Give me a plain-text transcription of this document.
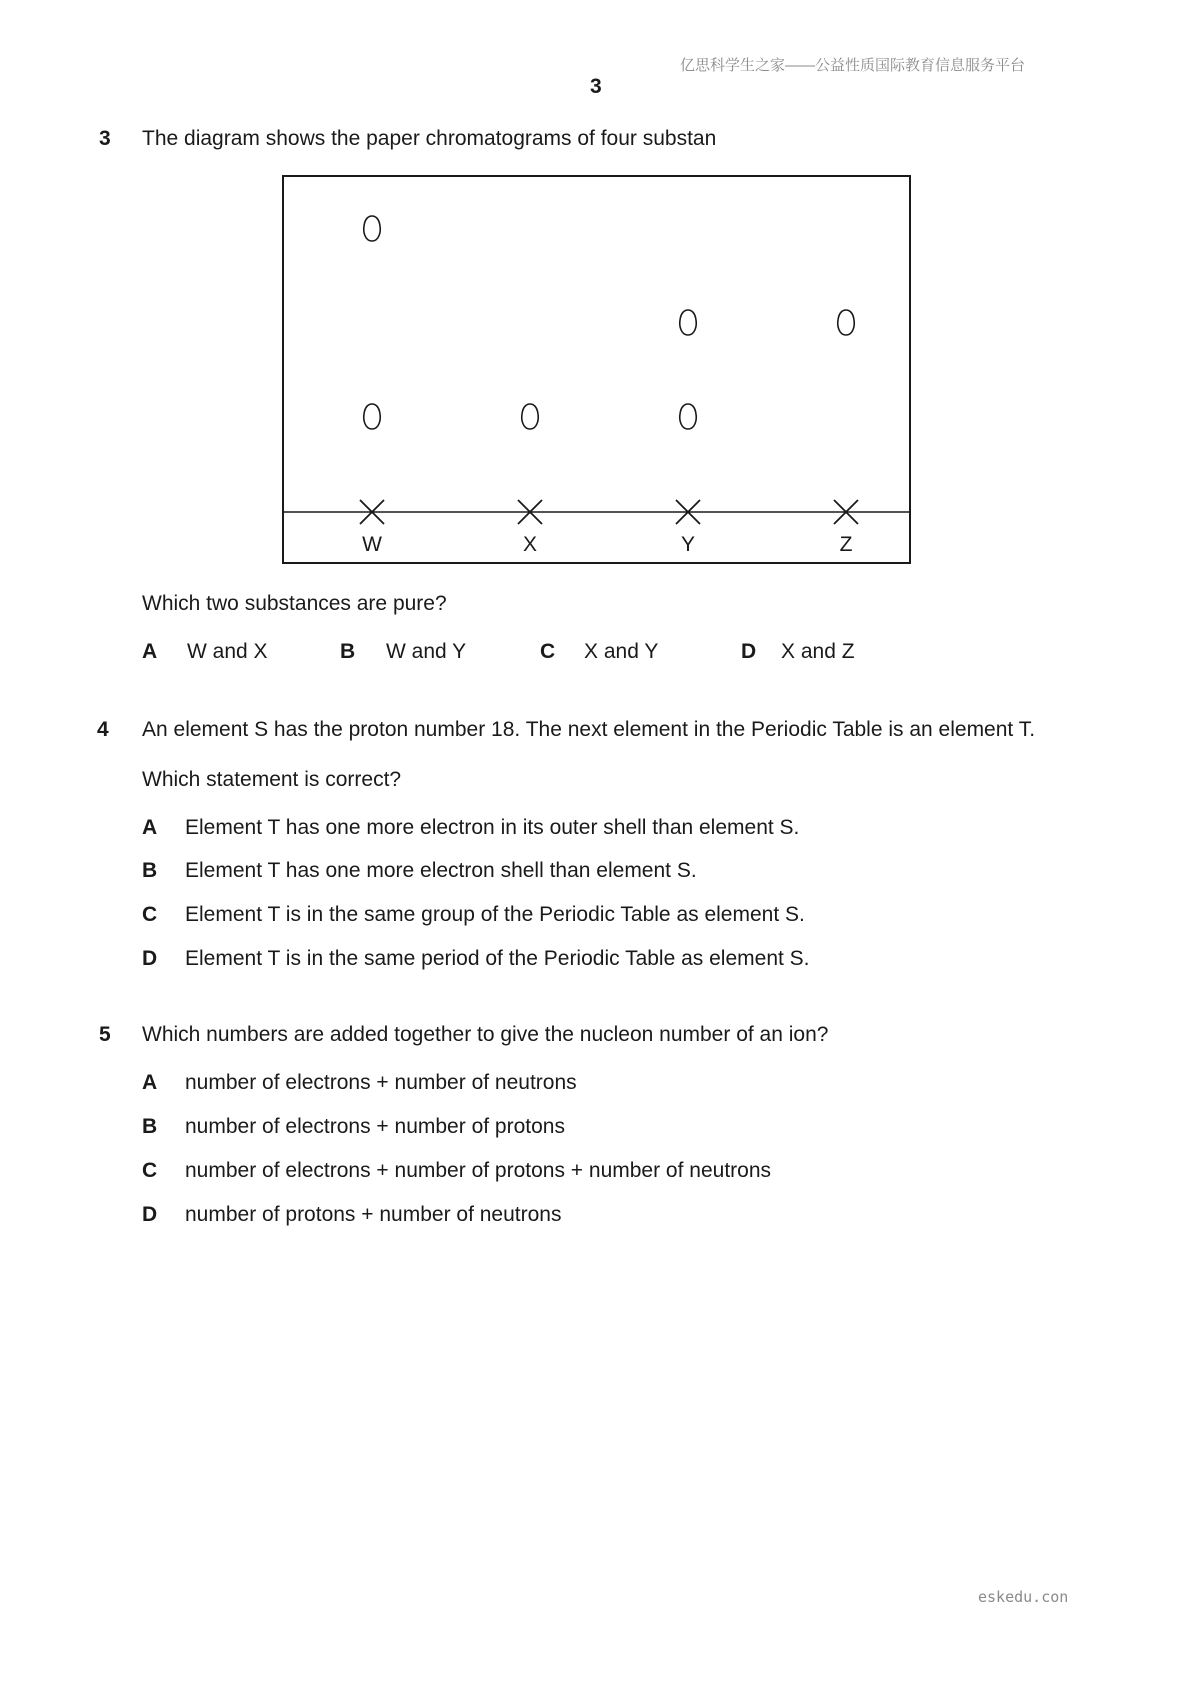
亿思科学生之家——公益性质国际教育信息服务平台
3
3 The diagram shows the paper chromatograms of four substan
W	X	Y	Z
Which two substances are pure?
A W and X	B W and Y	C X and Y	D X and Z
4 An element S has the proton number 18. The next element in the Periodic Table is an element T.
Which statement is correct?
A Element T has one more electron in its outer shell than element S.
B Element T has one more electron shell than element S.
C Element T is in the same group of the Periodic Table as element S.
D Element T is in the same period of the Periodic Table as element S.
5 Which numbers are added together to give the nucleon number of an ion?
A number of electrons + number of neutrons
B number of electrons + number of protons
C number of electrons + number of protons + number of neutrons
D number of protons + number of neutrons
eskedu.con
